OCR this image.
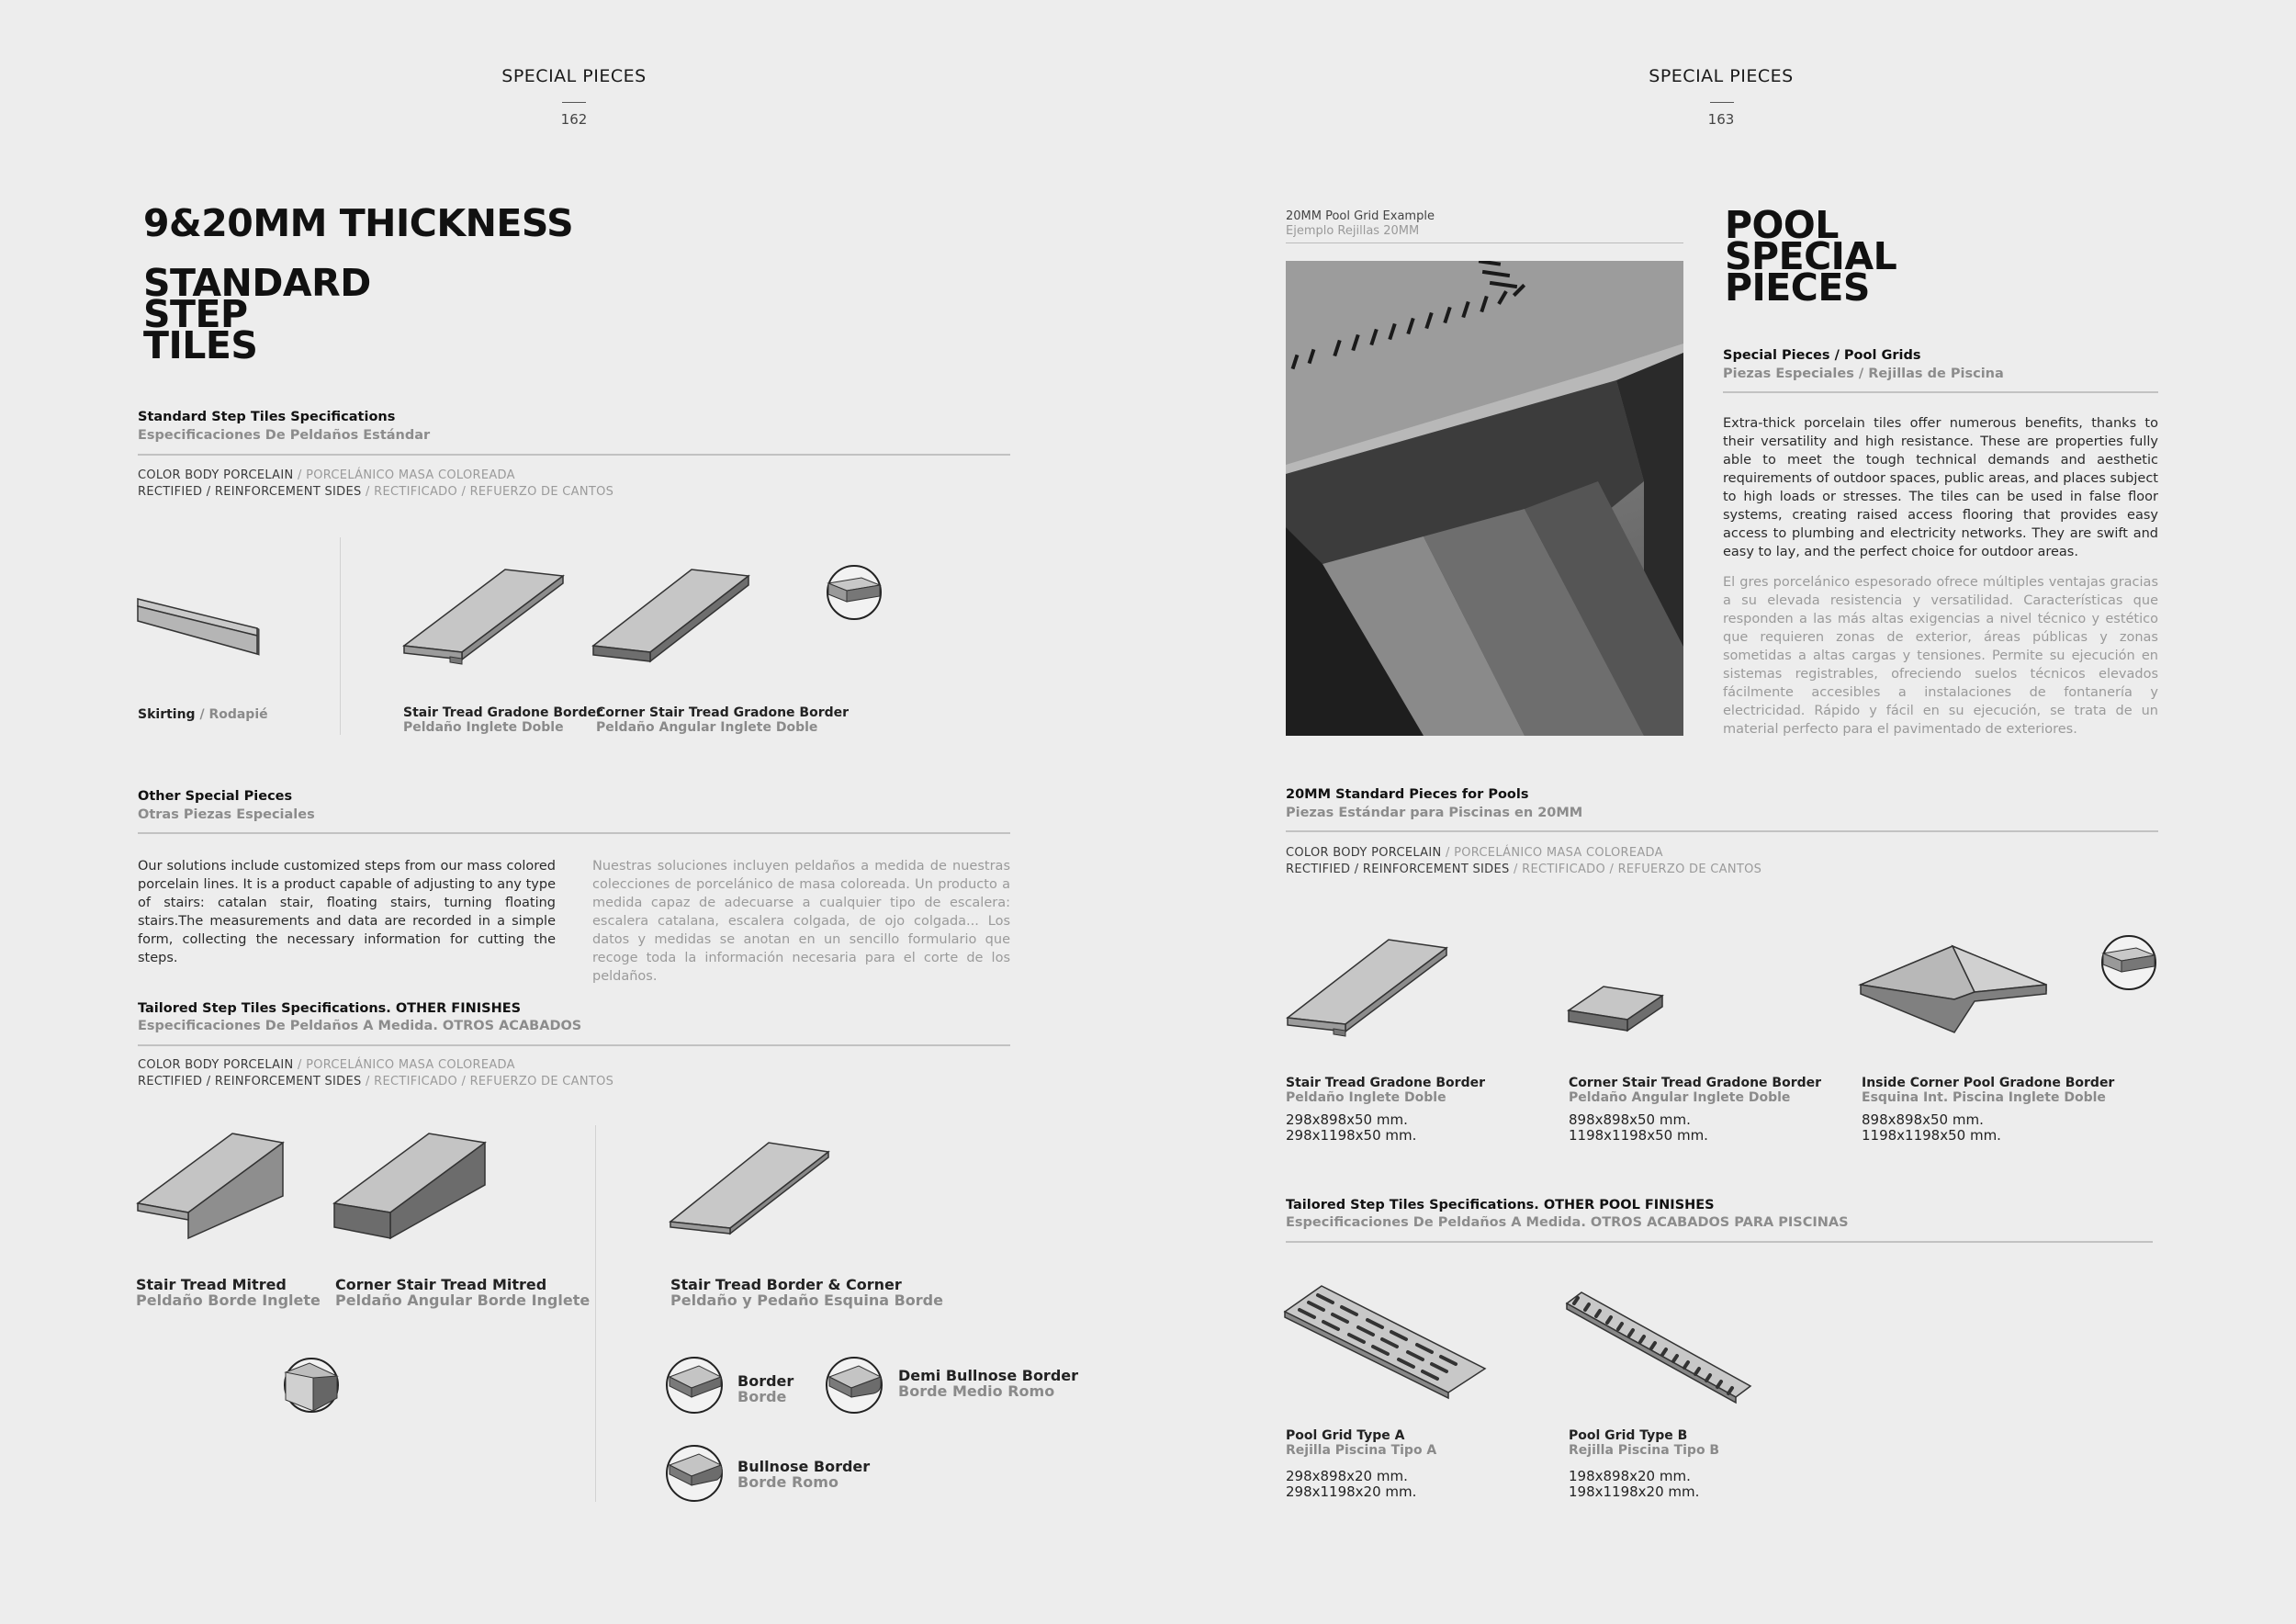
SPECIAL PIECES
162
9&20MM THICKNESS
STANDARD
STEP
TILES
Standard Step Tiles Specifications
Especificaciones De Peldaños Estándar
COLOR BODY PORCELAIN / PORCELÁNICO MASA COLOREADA
RECTIFIED / REINFORCEMENT SIDES / RECTIFICADO / REFUERZO DE CANTOS
Skirting / Rodapié	Stair Tread Gradone Border
Peldaño Inglete Doble
Corner Stair Tread Gradone Border
Peldaño Angular Inglete Doble
Other Special Pieces
Otras Piezas Especiales
Our solutions include customized steps from our mass colored porcelain lines. It is a product capable of adjusting to any type of stairs: catalan stair, floating stairs, turning floating stairs.The measurements and data are recorded in a simple form, collecting the necessary information for cutting the steps.
Nuestras soluciones incluyen peldaños a medida de nuestras colecciones de porcelánico de masa coloreada. Un producto a medida capaz de adecuarse a cualquier tipo de escalera: escalera catalana, escalera colgada, de ojo colgada... Los datos y medidas se anotan en un sencillo formulario que recoge toda la información necesaria para el corte de los peldaños.
Tailored Step Tiles Specifications. OTHER FINISHES
Especificaciones De Peldaños A Medida. OTROS ACABADOS
COLOR BODY PORCELAIN / PORCELÁNICO MASA COLOREADA
RECTIFIED / REINFORCEMENT SIDES / RECTIFICADO / REFUERZO DE CANTOS
Stair Tread Mitred
Peldaño Borde Inglete
Corner Stair Tread Mitred
Peldaño Angular Borde Inglete
Stair Tread Border & Corner
Peldaño y Pedaño Esquina Borde
Border
Borde
Demi Bullnose Border
Borde Medio Romo
Bullnose Border
Borde Romo
SPECIAL PIECES
163
20MM Pool Grid Example
Ejemplo Rejillas 20MM	POOL
SPECIAL
PIECES
Special Pieces / Pool Grids
Piezas Especiales / Rejillas de Piscina
Extra-thick porcelain tiles offer numerous benefits, thanks to their versatility and high resistance. These are properties fully able to meet the tough technical demands and aesthetic requirements of outdoor spaces, public areas, and places subject to high loads or stresses. The tiles can be used in false floor systems, creating raised access flooring that provides easy access to plumbing and electricity networks. They are swift and easy to lay, and the perfect choice for outdoor areas.
El gres porcelánico espesorado ofrece múltiples ventajas gracias a su elevada resistencia y versatilidad. Características que responden a las más altas exigencias a nivel técnico y estético que requieren zonas de exterior, áreas públicas y zonas sometidas a altas cargas y tensiones. Permite su ejecución en sistemas registrables, ofreciendo suelos técnicos elevados fácilmente accesibles a instalaciones de fontanería y electricidad. Rápido y fácil en su ejecución, se trata de un material perfecto para el pavimentado de exteriores.
20MM Standard Pieces for Pools
Piezas Estándar para Piscinas en 20MM
COLOR BODY PORCELAIN / PORCELÁNICO MASA COLOREADA
RECTIFIED / REINFORCEMENT SIDES / RECTIFICADO / REFUERZO DE CANTOS
Stair Tread Gradone Border
Peldaño Inglete Doble
298x898x50 mm.
298x1198x50 mm.
Corner Stair Tread Gradone Border
Peldaño Angular Inglete Doble
898x898x50 mm.
1198x1198x50 mm.
Inside Corner Pool Gradone Border
Esquina Int. Piscina Inglete Doble
898x898x50 mm.
1198x1198x50 mm.
Tailored Step Tiles Specifications. OTHER POOL FINISHES
Especificaciones De Peldaños A Medida. OTROS ACABADOS PARA PISCINAS
Pool Grid Type A
Rejilla Piscina Tipo A
298x898x20 mm.
298x1198x20 mm.
Pool Grid Type B
Rejilla Piscina Tipo B
198x898x20 mm.
198x1198x20 mm.
